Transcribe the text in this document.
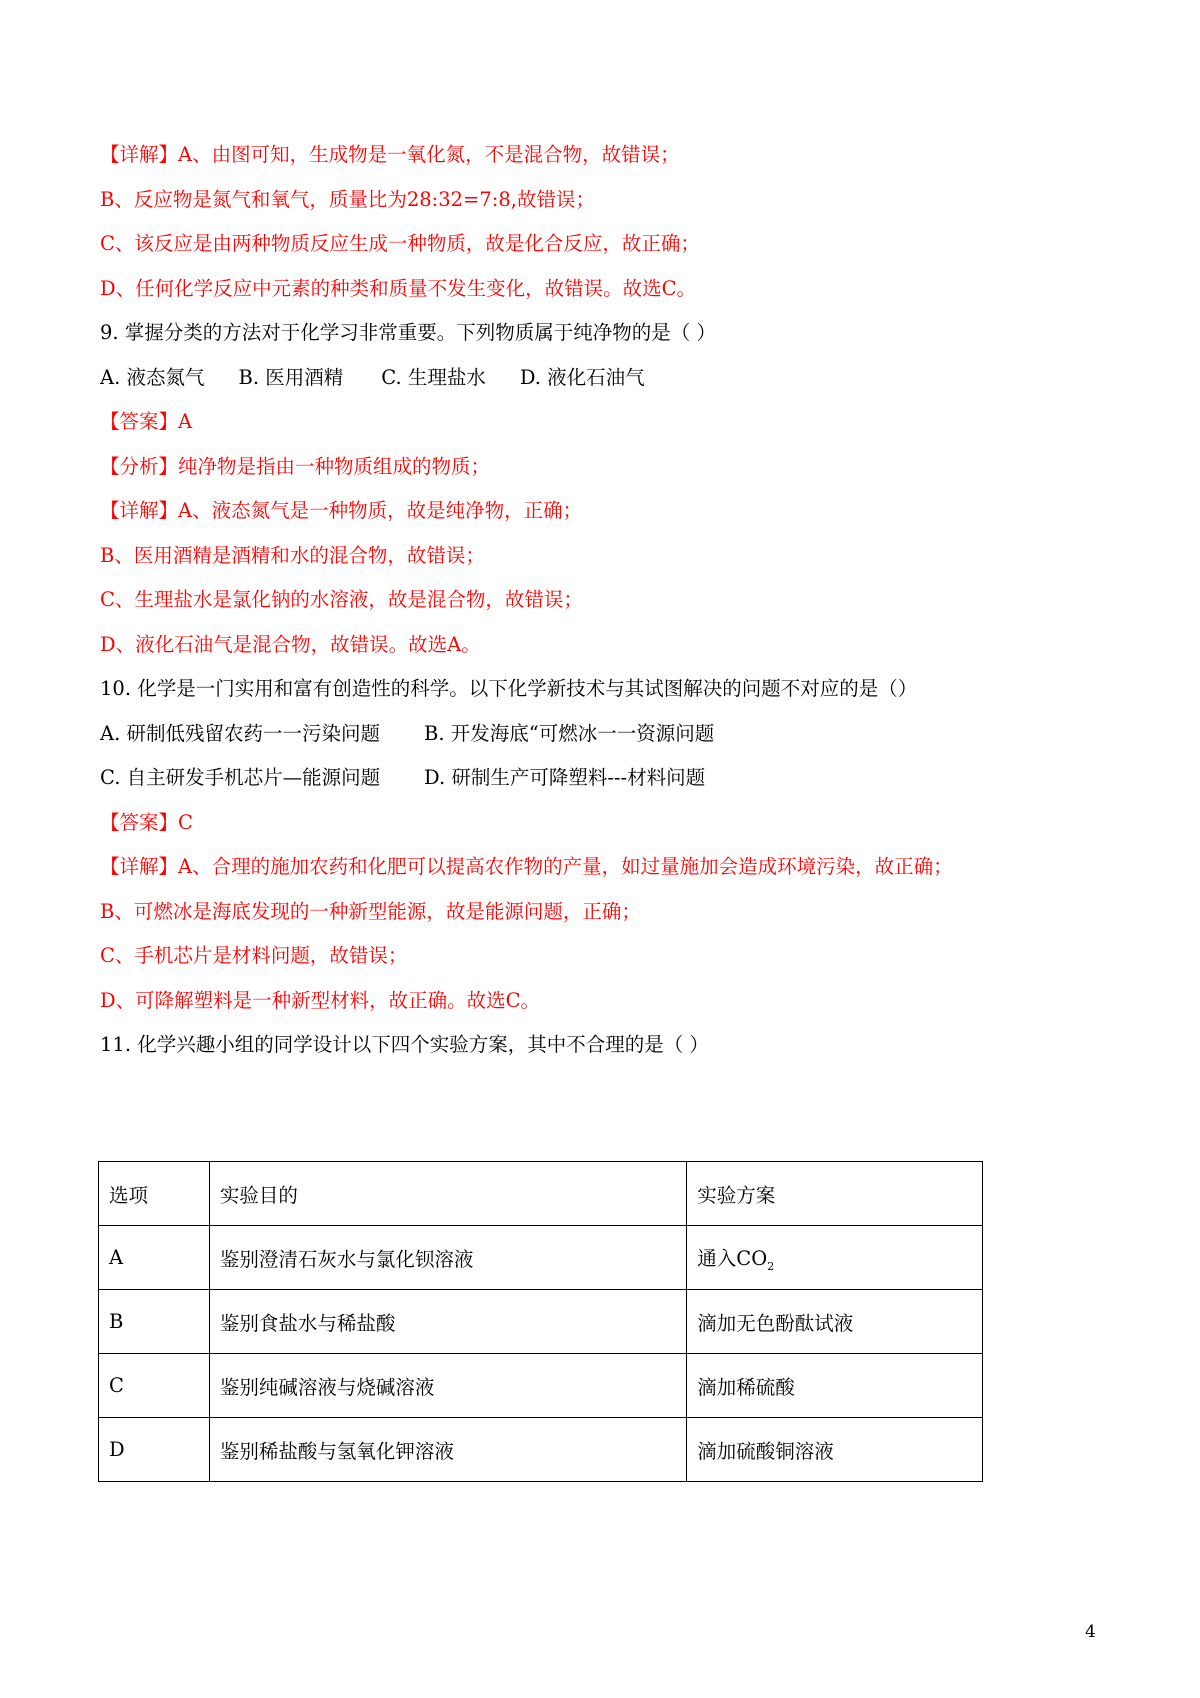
【详解】A、由图可知，生成物是一氧化氮，不是混合物，故错误；
B、反应物是氮气和氧气，质量比为28:32=7:8,故错误；
C、该反应是由两种物质反应生成一种物质，故是化合反应，故正确；
D、任何化学反应中元素的种类和质量不发生变化，故错误。故选C。
9. 掌握分类的方法对于化学习非常重要。下列物质属于纯净物的是（ ）
A. 液态氮气 B. 医用酒精 C. 生理盐水 D. 液化石油气
【答案】A
【分析】纯净物是指由一种物质组成的物质；
【详解】A、液态氮气是一种物质，故是纯净物，正确；
B、医用酒精是酒精和水的混合物，故错误；
C、生理盐水是氯化钠的水溶液，故是混合物，故错误；
D、液化石油气是混合物，故错误。故选A。
10. 化学是一门实用和富有创造性的科学。以下化学新技术与其试图解决的问题不对应的是（）
A. 研制低残留农药一一污染问题 B. 开发海底“可燃冰一一资源问题
C. 自主研发手机芯片—能源问题 D. 研制生产可降塑料---材料问题
【答案】C
【详解】A、合理的施加农药和化肥可以提高农作物的产量，如过量施加会造成环境污染，故正确；
B、可燃冰是海底发现的一种新型能源，故是能源问题，正确；
C、手机芯片是材料问题，故错误；
D、可降解塑料是一种新型材料，故正确。故选C。
11. 化学兴趣小组的同学设计以下四个实验方案，其中不合理的是（ ）
选项	实验目的	实验方案
A	鉴别澄清石灰水与氯化钡溶液	通入$CO_2$
B	鉴别食盐水与稀盐酸	滴加无色酚酞试液
C	鉴别纯碱溶液与烧碱溶液	滴加稀硫酸
D	鉴别稀盐酸与氢氧化钾溶液	滴加硫酸铜溶液
4
